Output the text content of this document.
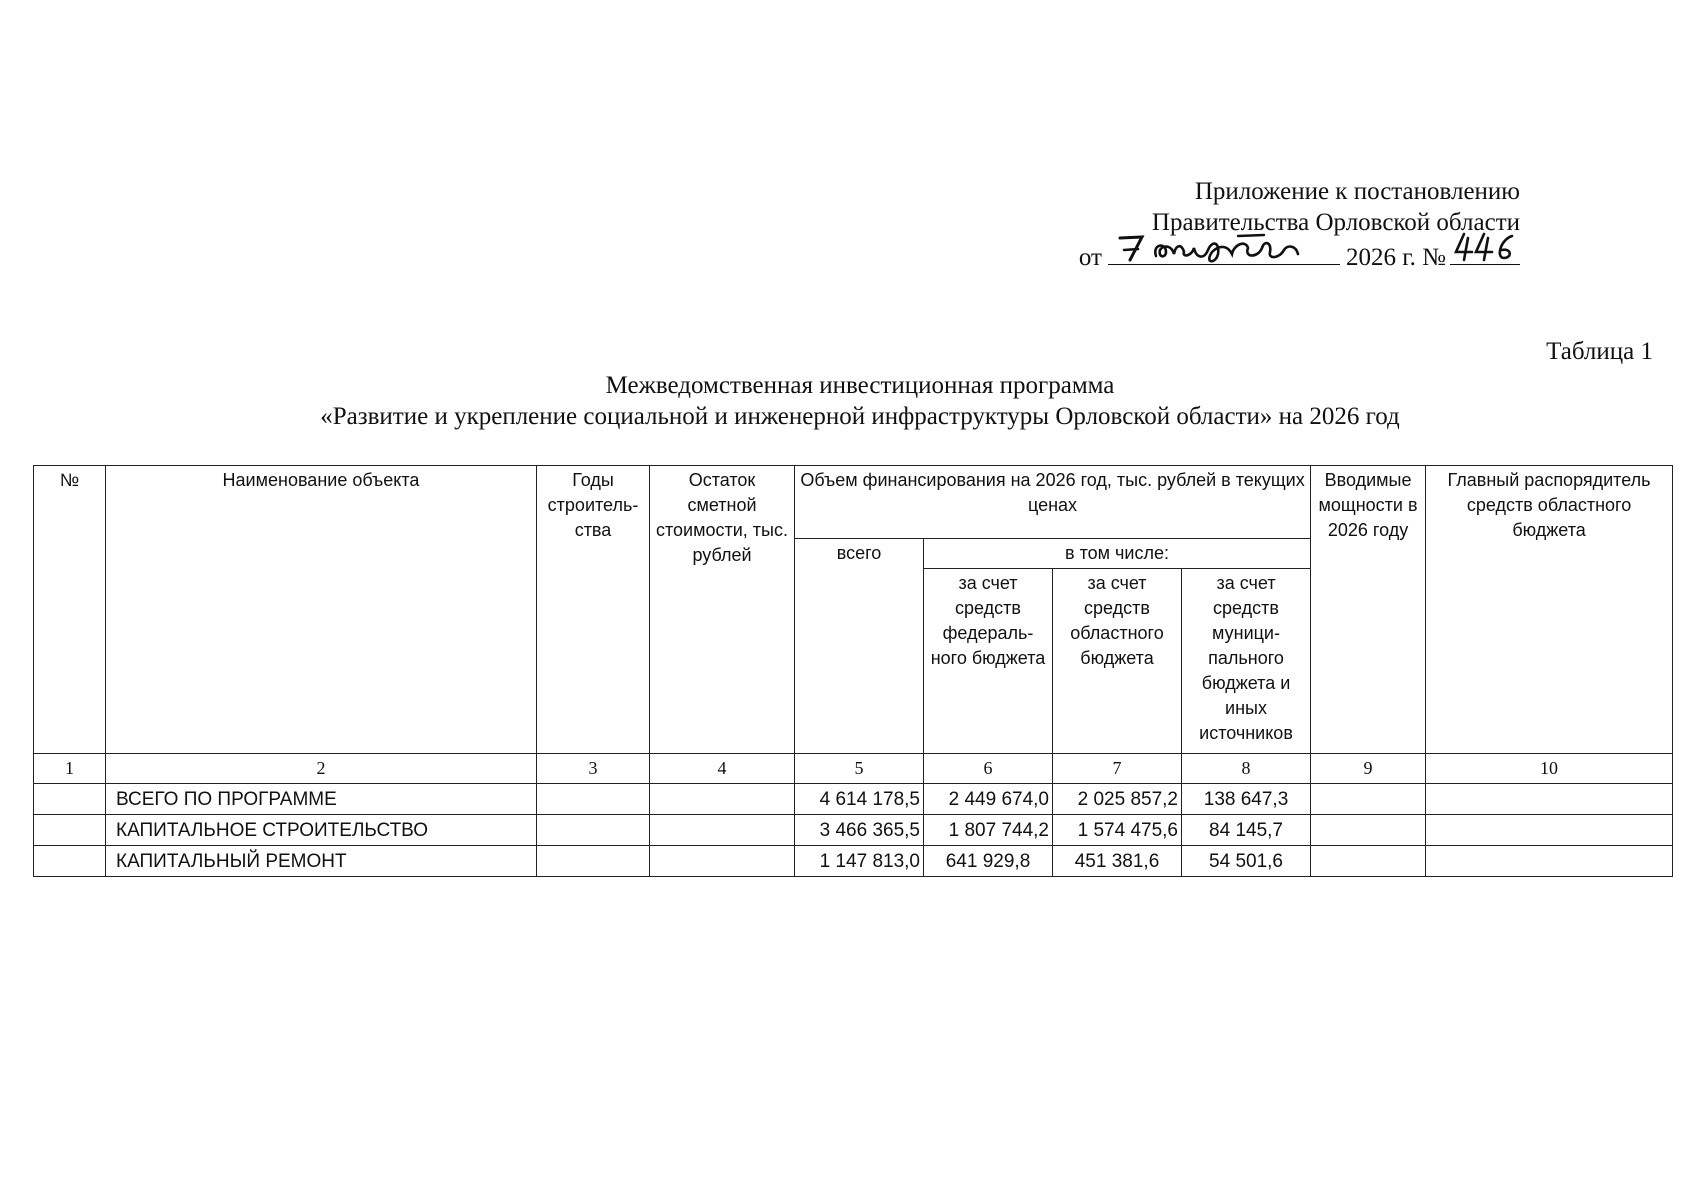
Приложение к постановлению
Правительства Орловской области
от	2026 г. №
Таблица 1
Межведомственная инвестиционная программа
«Развитие и укрепление социальной и инженерной инфраструктуры Орловской области» на 2026 год
№	Наименование объекта	Годы строитель-ства	Остаток сметной стоимости, тыс. рублей	Объем финансирования на 2026 год, тыс. рублей в текущих ценах				Вводимые мощности в 2026 году	Главный распорядитель средств областного бюджета
				всего	в том числе:				
					за счет средств федераль-ного бюджета	за счет средств областного бюджета	за счет средств муници-пального бюджета и иных источников		
1	2	3	4	5	6	7	8	9	10
	ВСЕГО ПО ПРОГРАММЕ			4 614 178,5	2 449 674,0	2 025 857,2	138 647,3		
	КАПИТАЛЬНОЕ СТРОИТЕЛЬСТВО			3 466 365,5	1 807 744,2	1 574 475,6	84 145,7		
	КАПИТАЛЬНЫЙ РЕМОНТ			1 147 813,0	641 929,8	451 381,6	54 501,6		
